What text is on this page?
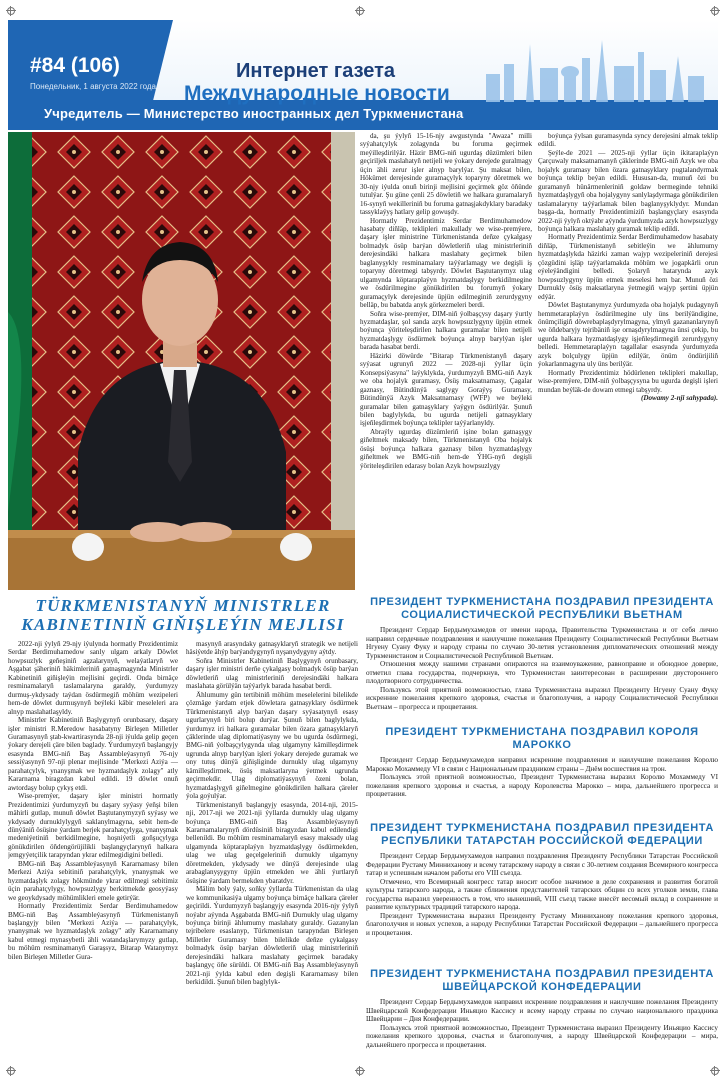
#84 (106)
Понедельник, 1 августа 2022 года
Интернет газета
Международные новости
Учредитель — Министерство иностранных дел Туркменистана
TÜRKMENISTANYŇ MINISTRLER KABINETINIŇ GIŇIŞLEÝIN MEJLISI

2022-nji ýylyň 29-njy iýulynda hormatly Prezidentimiz Serdar Berdimuhamedow sanly ulgam arkaly Döwlet howpsuzlyk geňeşiniň agzalarynyň, welaýatlaryň we Aşgabat şäheriniň häkimleriniň gatnaşmagynda Ministrler Kabinetiniň giňişleýin mejlisini geçirdi. Onda birnäçe resminamalaryň taslamalaryna garaldy, ýurdumyzy durmuş-ykdysady taýdan ösdürmegiň möhüm wezipeleri hem-de döwlet durmuşynyň beýleki käbir meseleleri ara alnyp maslahatlaşyldy.

Ministrler Kabinetiniň Başlygynyň orunbasary, daşary işler ministri R.Meredow hasabatyny Birleşen Milletler Guramasynyň ştab-kwartirasynda 28-nji iýulda gelip geçen ýokary derejeli çäre bilen baglady. Ýurdumyzyň başlangyjy esasynda BMG-niň Baş Assambleýasynyň 76-njy sessiýasynyň 97-nji plenar mejlisinde "Merkezi Aziýa — parahatçylyk, ynanyşmak we hyzmatdaşlyk zolagy" atly Kararnama biragzdan kabul edildi. 19 döwlet onuň awtordaşy bolup çykyş etdi.

Wise-premýer, daşary işler ministri hormatly Prezidentimizi ýurdumyzyň bu daşary syýasy ýeňşi bilen mähirli gutlap, munuň döwlet Baştutanymyzyň syýasy we ykdysady durnuklylygyň saklanylmagyna, sebit hem-de dünýäniň ösüşine ýardam berjek parahatçylyga, ynanyşmak medeniýetiniň berkidilmegine, hoşniýetli goňşuçylyga gönükdirilen öňdengörüjilikli başlangyçlarynyň halkara jemgyýetçilik tarapyndan ykrar edilmegidigini belledi.

BMG-niň Baş Assambleýasynyň Kararnamasy bilen Merkezi Aziýa sebitiniň parahatçylyk, ynanyşmak we hyzmatdaşlyk zolagy hökmünde ykrar edilmegi sebitimiz üçin parahatçylygy, howpsuzlygy berkitmekde geosyýasy we geoykdysady möhümlikleri emele getirýär.

Hormatly Prezidentimiz Serdar Berdimuhamedow BMG-niň Baş Assambleýasynyň Türkmenistanyň başlangyjy bilen "Merkezi Aziýa — parahatçylyk, ynanyşmak we hyzmatdaşlyk zolagy" atly Kararnamany kabul etmegi mynasybetli ähli watandaşlarymyzy gutlap, bu möhüm resminamanyň Garaşsyz, Bitarap Watanymyz bilen Birleşen Milletler Gura-

masynyň arasyndaky gatnaşyklaryň strategik we netijeli häsiýetde ähýp barýandygynyň nyşanydygyny aýtdy.

Soňra Ministrler Kabinetiniň Başlygynyň orunbasary, daşary işler ministri derňe çykalgasy bolmadyk ösüp barýan döwletleriň ulag ministrleriniň derejesindäki halkara maslahata görülýän taýýarlyk barada hasabat berdi.

Ählumumy gün tertibiniň möhüm meselelerini bilelikde çözmäge ýardam etjek döwletara gatnaşyklary ösdürmek Türkmenistanyň alyp barýan daşary syýasatynyň esasy ugurlarynyň biri bolup durýar. Şunuň bilen baglylykda, ýurdumyz iri halkara guramalar bilen özara gatnaşyklaryň çäklerinde ulag diplomatiýasyny we bu ugurda ösdürmegi, BMG-niň ýolbaşçylygynda ulag ulgamyny kämilleşdirmek ugrunda alnyp barylýan işleri ýokary derejede guramak we ony tutuş dünýä giňişliginde durnukly ulag ulgamyny kämilleşdirmek, ösüş maksatlaryna ýetmek ugrunda geçirmekdir. Ulag diplomatiýasynyň özeni bolan, hyzmatdaşlygyň giňelmegine gönükdirilen halkara çäreler ýola goýulýar.

Türkmenistanyň başlangyjy esasynda, 2014-nji, 2015-nji, 2017-nji we 2021-nji ýyllarda durnukly ulag ulgamy boýunça BMG-niň Baş Assambleýasynyň Kararnamalarynyň dördüsiniň biragyzdan kabul edilendigi bellenildi. Bu möhüm resminamalaryň esasy maksady ulag ulgamynda köptaraplaýyn hyzmatdaşlygy ösdürmekden, ulag we ulag geçelgeleriniň durnukly ulgamyny döretmekden, ykdysady we dünýä derejesinde ulag arabaglanyşygyny üpjün etmekden we ähli ýurtlaryň ösüşine ýardam bermekden ybaratdyr.

Mälim boly ýaly, soňky ýyllarda Türkmenistan da ulag we kommunikasiýa ulgamy boýunça birnäçe halkara çäreler geçirildi. Ýurdumyzyň başlangyjy esasynda 2016-njy ýylyň noýabr aýynda Aşgabatda BMG-niň Durnukly ulag ulgamy boýunça birinji ählumumy maslahaty guraldy. Gazanylan tejribelere esaslanyp, Türkmenistan tarapyndan Birleşen Milletler Guramasy bilen bilelikde deňze çykalgasy bolmadyk ösüp barýan döwletleriň ulag ministrleriniň derejesindäki halkara maslahaty geçirmek baradaky başlangyç öňe sürüldi. Ol BMG-niň Baş Assambleýasynyň 2021-nji ýylda kabul eden degişli Kararnamasy bilen berkidildi. Şunuň bilen baglylyk-

da, şu ýylyň 15-16-njy awgustynda "Awaza" milli syýahatçylyk zolagynda bu foruma geçirmek meýilleşdirilýär. Häzir BMG-niň ugurdaş düzümleri bilen geçiriljek maslahatyň netijeli we ýokary derejede guralmagy üçin ähli zerur işler alnyp barylýar. Şu maksat bilen, Hökümet derejesinde guramaçylyk toparyny döretmek we 30-njy iýulda onuň birinji mejlisini geçirmek göz öňünde tutulýar. Şu güne çenli 25 döwletiň we halkara guramalaryň 16-synyň wekilleriniň bu foruma gatnaşjakdyklary baradaky tassyklaýyş hatlary gelip gowuşdy.

Hormatly Prezidentimiz Serdar Berdimuhamedow hasabaty diňläp, teklipleri makullady we wise-premýere, daşary işler ministrine Türkmenistanda deňze çykalgasy bolmadyk ösüp barýan döwletleriň ulag ministrleriniň derejesindäki halkara maslahaty geçirmek bilen baglanyşykly resminamalary taýýarlamagy we degişli iş toparyny döretmegi tabşyrdy. Döwlet Baştutanymyz ulag ulgamynda köptaraplaýyn hyzmatdaşlygy berkidilmegine we ösdürilmegine gönükdirilen bu forumyň ýokary guramaçylyk derejesinde üpjün edilmeginiň zerurdygyny belläp, bu babatda anyk görkezmeleri berdi.

Soňra wise-premýer, DIM-niň ýolbaşçysy daşary ýurtly hyzmatdaşlar, şol sanda azyk howpsuzlygyny üpjün etmek boýunça ýöriteleşdirilen halkara guramalar bilen netijeli hyzmatdaşlygy ösdürmek boýunça alnyp barylýan işler barada hasabat berdi.

Häzirki döwürde "Bitarap Türkmenistanyň daşary syýasat ugrunyň 2022 — 2028-nji ýyllar üçin Konsepsiýasyna" laýyklykda, ýurdumyzyň BMG-niň Azyk we oba hojalyk guramasy, Ösüş maksatnamasy, Çagalar gaznasy, Bütindünýä saglygy Goraýyş Guramasy, Bütindünýä Azyk Maksatnamasy (WFP) we beýleki guramalar bilen gatnaşyklary ýaýgyn ösdürilýär. Şunuň bilen baglylykda, bu ugurda netijeli gatnaşyklary işjeňleşdirmek boýunça teklipler taýýarlanyldy.

Abraýly ugurdaş düzümleriň işine bolan gatnaşygy giňeltmek maksady bilen, Türkmenistanyň Oba hojalyk ösüşi boýunça halkara gaznasy bilen hyzmatdaşlygy giňeltmek we BMG-niň hem-de ÝHG-nyň degişli ýöriteleşdirilen edarasy bolan Azyk howpsuzlygy

boýunça ýylsan guramasynda syncy derejesini almak teklip edildi.

Şeýle-de 2021 — 2025-nji ýyllar üçin ikitaraplaýyn Çarçuwaly maksatnamanyň çäklerinde BMG-niň Azyk we oba hojalyk guramasy bilen özara gatnaşyklary pugtalandyrmak boýunça teklip beýan edildi. Hususan-da, munuň özi bu guramanyň hünärmenleriniň goldaw bermeginde tehniki hyzmatdaşlygyň oba hojalygyny sanlylaşdyrmaga gönükdirilen taslamalaryny taýýarlamak bilen baglanyşyklydyr. Mundan başga-da, hormatly Prezidentimiziň başlangyçlary esasynda 2022-nji ýylyň oktýabr aýynda ýurdumyzda azyk howpsuzlygy boýunça halkara maslahaty guramak teklip edildi.

Hormatly Prezidentimiz Serdar Berdimuhamedow hasabaty diňläp, Türkmenistanyň sebitleýin we ählumumy hyzmatdaşlykda häzirki zaman wajyp wezipeleriniň derejesi çözgüdini işläp taýýarlamakda möhüm we jogapkärli orun eýeleýändigini belledi. Şolaryň hatarynda azyk howpsuzlygyny üpjün etmek meselesi hem bar. Munuň özi Durnukly ösüş maksatlaryna ýetmegiň wajyp şertini üpjün edýär.

Döwlet Baştutanymyz ýurdumyzda oba hojalyk pudagynyň hemmetaraplaýyn ösdürilmegine uly üns berilýändigine, önümçiligiň döwrebaplaşdyrylmagyna, ylmyň gazananlarynyň we öňdebaryjy tejribäniň işe ornaşdyrylmagyna ünsi çekip, bu ugurda halkara hyzmatdaşlygy işjeňleşdirmegiň zerurdygyny belledi. Hemmetaraplaýyn tagallalar esasynda ýurdumyzda azyk bolçulygy üpjün edilýär, önüm öndürijiliň ýokarlanmagyna uly üns berilýär.

Hormatly Prezidentimiz hödürlenen teklipleri makullap, wise-premýere, DIM-niň ýolbaşçysyna bu ugurda degişli işleri mundan beýläk-de dowam etmegi tabşyrdy.

(Dowamy 2-nji sahypada).

ПРЕЗИДЕНТ ТУРКМЕНИСТАНА ПОЗДРАВИЛ ПРЕЗИДЕНТА СОЦИАЛИСТИЧЕСКОЙ РЕСПУБЛИКИ ВЬЕТНАМ

Президент Сердар Бердымухамедов от имени народа, Правительства Туркменистана и от себя лично направил сердечные поздравления и наилучшие пожелания Президенту Социалистической Республики Вьетнам Нгуену Суану Фуку и народу страны по случаю 30-летия установления дипломатических отношений между Туркменистаном и Социалистической Республикой Вьетнам.

Отношения между нашими странами опираются на взаимоуважение, равноправие и обоюдное доверие, отметил глава государства, подчеркнув, что Туркменистан заинтересован в расширении двустороннего плодотворного сотрудничества.

Пользуясь этой приятной возможностью, глава Туркменистана выразил Президенту Нгуену Суану Фуку искренние пожелания крепкого здоровья, счастья и благополучия, а народу Социалистической Республики Вьетнам – прогресса и процветания.

ПРЕЗИДЕНТ ТУРКМЕНИСТАНА ПОЗДРАВИЛ КОРОЛЯ МАРОККО

Президент Сердар Бердымухамедов направил искренние поздравления и наилучшие пожелания Королю Марокко Мохаммеду VI в связи с Национальным праздником страны – Днём восшествия на трон.

Пользуясь этой приятной возможностью, Президент Туркменистана выразил Королю Мохаммеду VI пожелания крепкого здоровья и счастья, а народу Королевства Марокко – мира, дальнейшего прогресса и процветания.

ПРЕЗИДЕНТ ТУРКМЕНИСТАНА ПОЗДРАВИЛ ПРЕЗИДЕНТА РЕСПУБЛИКИ ТАТАРСТАН РОССИЙСКОЙ ФЕДЕРАЦИИ

Президент Сердар Бердымухамедов направил поздравления Президенту Республики Татарстан Российской Федерации Рустаму Минниханову и всему татарскому народу в связи с 30-летием создания Всемирного конгресса татар и успешным началом работы его VIII съезда.

Отмечено, что Всемирный конгресс татар вносит особое значимое в деле сохранения и развития богатой культуры татарского народа, а также сближения представителей татарских общин со всех уголков земли, глава государства выразил уверенность в том, что нынешний, VIII съезд также внесёт весомый вклад в сохранение и развитие культурных традиций татарского народа.

Президент Туркменистана выразил Президенту Рустаму Минниханову пожелания крепкого здоровья, благополучия и новых успехов, а народу Республики Татарстан Российской Федерации – дальнейшего прогресса и процветания.

ПРЕЗИДЕНТ ТУРКМЕНИСТАНА ПОЗДРАВИЛ ПРЕЗИДЕНТА ШВЕЙЦАРСКОЙ КОНФЕДЕРАЦИИ

Президент Сердар Бердымухамедов направил искренние поздравления и наилучшие пожелания Президенту Швейцарской Конфедерации Иньяцио Кассису и всему народу страны по случаю национального праздника Швейцарии – Дня Конфедерации.

Пользуясь этой приятной возможностью, Президент Туркменистана выразил Президенту Иньяцио Кассису пожелания крепкого здоровья, счастья и благополучия, а народу Швейцарской Конфедерации – мира, дальнейшего прогресса и процветания.
